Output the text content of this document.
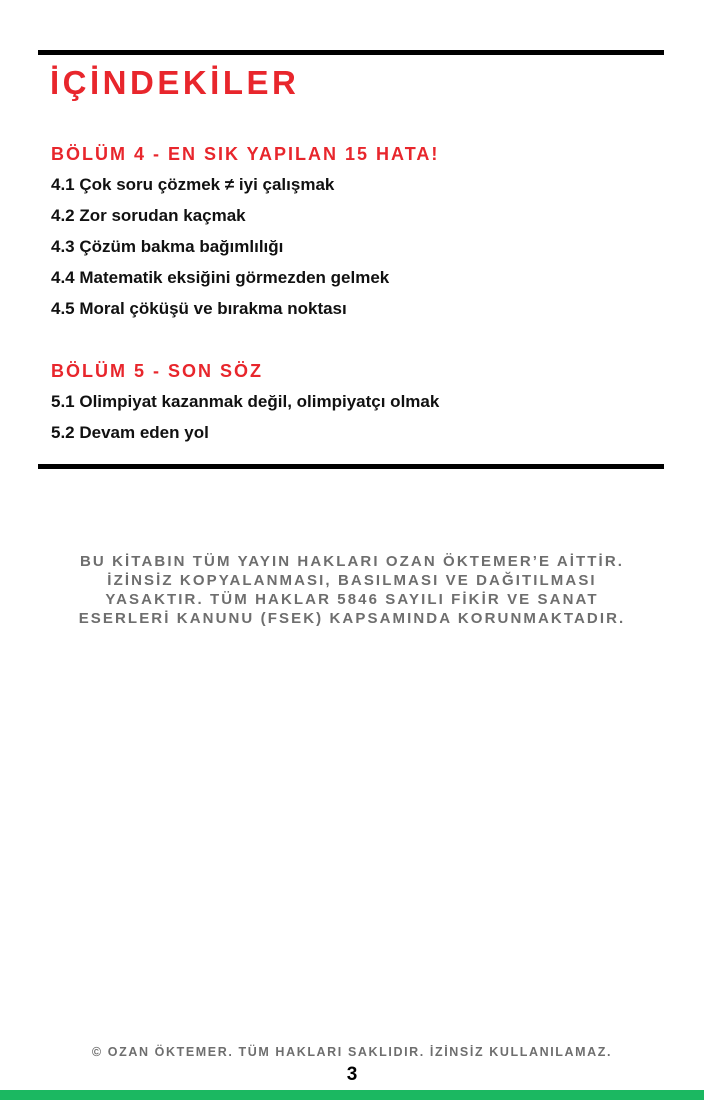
İÇİNDEKİLER
BÖLÜM 4 - EN SIK YAPILAN 15 HATA!
4.1 Çok soru çözmek ≠ iyi çalışmak
4.2 Zor sorudan kaçmak
4.3 Çözüm bakma bağımlılığı
4.4 Matematik eksiğini görmezden gelmek
4.5 Moral çöküşü ve bırakma noktası
BÖLÜM 5 - SON SÖZ
5.1 Olimpiyat kazanmak değil, olimpiyatçı olmak
5.2 Devam eden yol

BU KİTABIN TÜM YAYIN HAKLARI OZAN ÖKTEMER’E AİTTİR.
İZİNSİZ KOPYALANMASI, BASILMASI VE DAĞITILMASI
YASAKTIR. TÜM HAKLAR 5846 SAYILI FİKİR VE SANAT
ESERLERİ KANUNU (FSEK) KAPSAMINDA KORUNMAKTADIR.

© OZAN ÖKTEMER. TÜM HAKLARI SAKLIDIR. İZİNSİZ KULLANILAMAZ.
3
